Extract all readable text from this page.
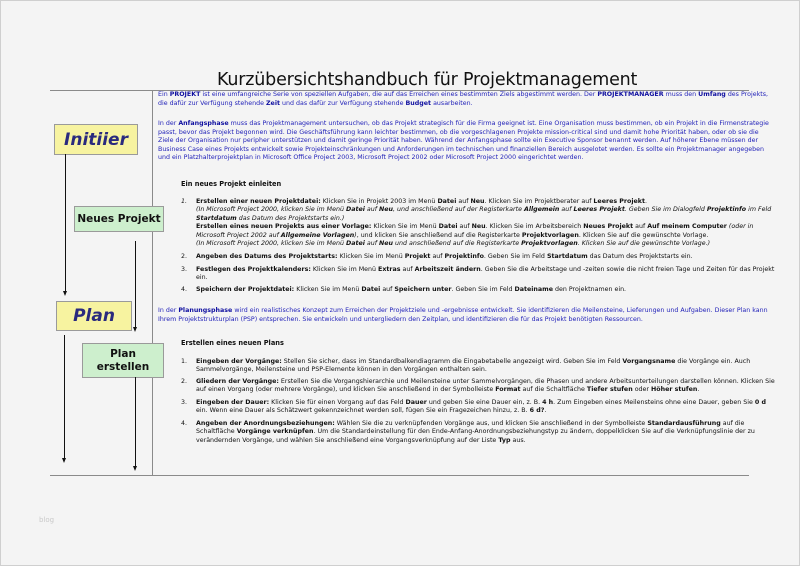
Kurzübersichtshandbuch für Projektmanagement
Ein PROJEKT ist eine umfangreiche Serie von speziellen Aufgaben, die auf das Erreichen eines bestimmten Ziels abgestimmt werden. Der PROJEKTMANAGER muss den Umfang des Projekts, die dafür zur Verfügung stehende Zeit und das dafür zur Verfügung stehende Budget ausarbeiten.
In der Anfangsphase muss das Projektmanagement untersuchen, ob das Projekt strategisch für die Firma geeignet ist. Eine Organisation muss bestimmen, ob ein Projekt in die Firmenstrategie passt, bevor das Projekt begonnen wird. Die Geschäftsführung kann leichter bestimmen, ob die vorgeschlagenen Projekte mission-critical sind und damit hohe Priorität haben, oder ob sie die Ziele der Organisation nur peripher unterstützen und damit geringe Priorität haben. Während der Anfangsphase sollte ein Executive Sponsor benannt werden. Auf höherer Ebene müssen der Business Case eines Projekts entwickelt sowie Projekteinschränkungen und Anforderungen im technischen und finanziellen Bereich ausgelotet werden. Es sollte ein Projektmanager angegeben und ein Platzhalterprojektplan in Microsoft Office Project 2003, Microsoft Project 2002 oder Microsoft Project 2000 eingerichtet werden.
Ein neues Projekt einleiten
1.	Erstellen einer neuen Projektdatei: Klicken Sie in Projekt 2003 im Menü Datei auf Neu. Klicken Sie im Projektberater auf Leeres Projekt.
(In Microsoft Project 2000, klicken Sie im Menü Datei auf Neu, und anschließend auf der Registerkarte Allgemein auf Leeres Projekt. Geben Sie im Dialogfeld Projektinfo im Feld Startdatum das Datum des Projektstarts ein.)
Erstellen eines neuen Projekts aus einer Vorlage: Klicken Sie im Menü Datei auf Neu. Klicken Sie im Arbeitsbereich Neues Projekt auf Auf meinem Computer (oder in Microsoft Project 2002 auf Allgemeine Vorlagen), und klicken Sie anschließend auf die Registerkarte Projektvorlagen. Klicken Sie auf die gewünschte Vorlage.
(In Microsoft Project 2000, klicken Sie im Menü Datei auf Neu und anschließend auf die Registerkarte Projektvorlagen. Klicken Sie auf die gewünschte Vorlage.)
2.	Angeben des Datums des Projektstarts: Klicken Sie im Menü Projekt auf Projektinfo. Geben Sie im Feld Startdatum das Datum des Projektstarts ein.
3.	Festlegen des Projektkalenders: Klicken Sie im Menü Extras auf Arbeitszeit ändern. Geben Sie die Arbeitstage und -zeiten sowie die nicht freien Tage und Zeiten für das Projekt ein.
4.	Speichern der Projektdatei: Klicken Sie im Menü Datei auf Speichern unter. Geben Sie im Feld Dateiname den Projektnamen ein.
In der Planungsphase wird ein realistisches Konzept zum Erreichen der Projektziele und -ergebnisse entwickelt. Sie identifizieren die Meilensteine, Lieferungen und Aufgaben. Dieser Plan kann Ihrem Projektstrukturplan (PSP) entsprechen. Sie entwickeln und untergliedern den Zeitplan, und identifizieren die für das Projekt benötigten Ressourcen.
Erstellen eines neuen Plans
1.	Eingeben der Vorgänge: Stellen Sie sicher, dass im Standardbalkendiagramm die Eingabetabelle angezeigt wird. Geben Sie im Feld Vorgangsname die Vorgänge ein. Auch Sammelvorgänge, Meilensteine und PSP-Elemente können in den Vorgängen enthalten sein.
2.	Gliedern der Vorgänge: Erstellen Sie die Vorgangshierarchie und Meilensteine unter Sammelvorgängen, die Phasen und andere Arbeitsunterteilungen darstellen können. Klicken Sie auf einen Vorgang (oder mehrere Vorgänge), und klicken Sie anschließend in der Symbolleiste Format auf die Schaltfläche Tiefer stufen oder Höher stufen.
3.	Eingeben der Dauer: Klicken Sie für einen Vorgang auf das Feld Dauer und geben Sie eine Dauer ein, z. B. 4 h. Zum Eingeben eines Meilensteins ohne eine Dauer, geben Sie 0 d ein. Wenn eine Dauer als Schätzwert gekennzeichnet werden soll, fügen Sie ein Fragezeichen hinzu, z. B. 6 d?.
4.	Angeben der Anordnungsbeziehungen: Wählen Sie die zu verknüpfenden Vorgänge aus, und klicken Sie anschließend in der Symbolleiste Standardausführung auf die Schaltfläche Vorgänge verknüpfen. Um die Standardeinstellung für den Ende-Anfang-Anordnungsbeziehungstyp zu ändern, doppelklicken Sie auf die Verknüpfungslinie der zu verändernden Vorgänge, und wählen Sie anschließend eine Vorgangsverknüpfung auf der Liste Typ aus.
Initiier
Neues Projekt
Plan
Plan
erstellen
blog
